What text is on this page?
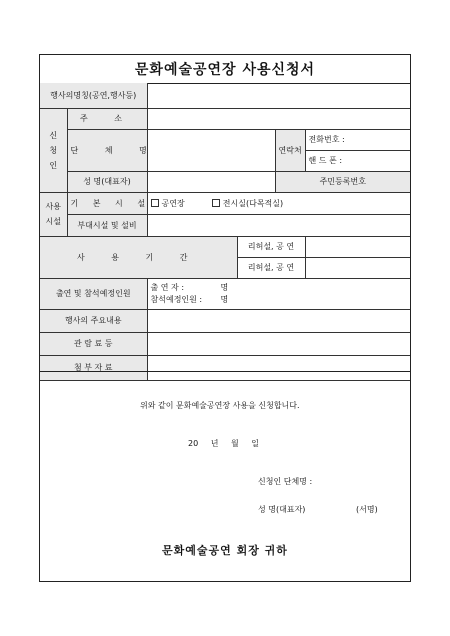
문화예술공연장 사용신청서
행사의명칭(공연,행사등)					
신청인	주 소				
	단 체 명			연락처	전화번호 :
					핸 드 폰 :
	성 명(대표자)			주민등록번호	
사용시설	기 본 시 설	공연장 전시실(다목적실)			
	부대시설 및 설비				
사 용 기 간			리허설, 공 연		
			리허설, 공 연		
출연 및 참석예정인원		출 연 자 : 명
참석예정인원 : 명			
행사의 주요내용					
관 람 료 등					
첨 부 자 료					
위와 같이 문화예술공연장 사용을 신청합니다.
20 년 월 일
신청인 단체명 :
성 명(대표자)	(서명)
문화예술공연 회장 귀하
